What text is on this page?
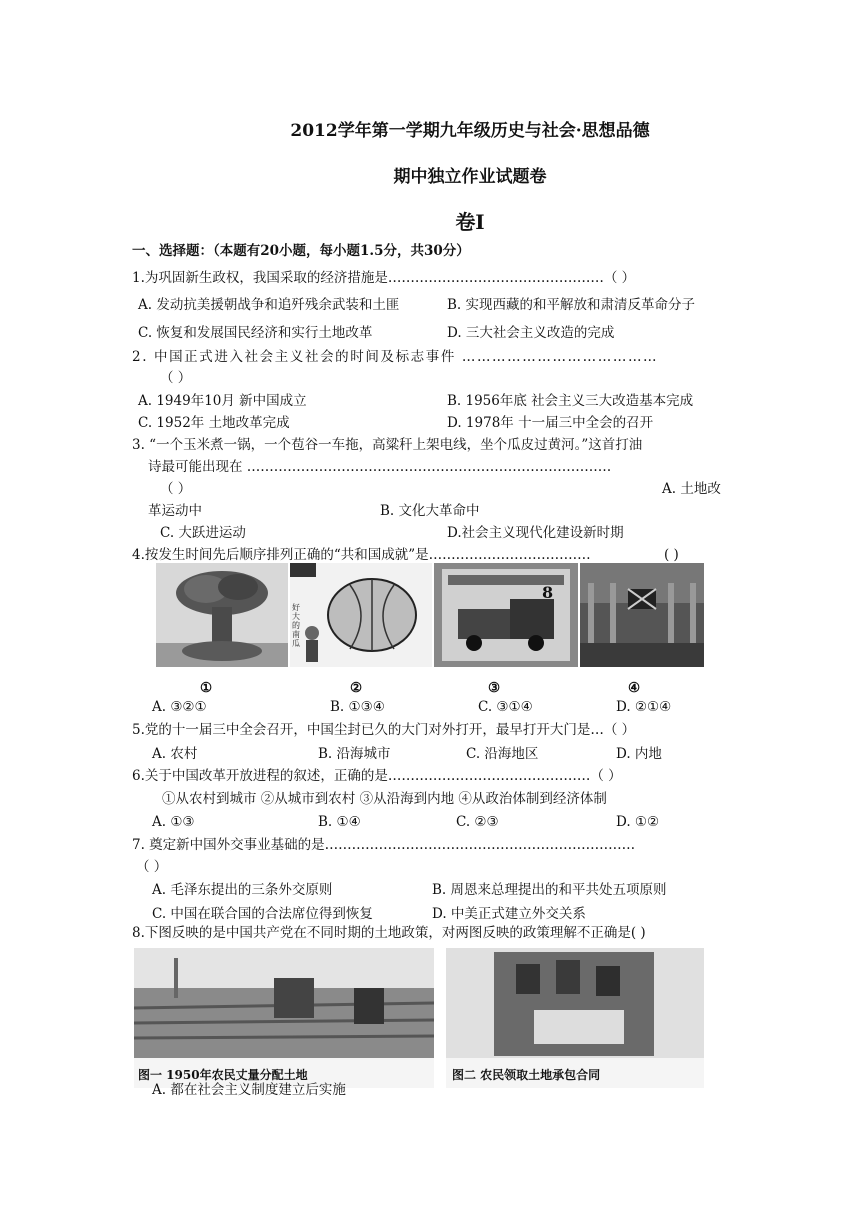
2012学年第一学期九年级历史与社会·思想品德
期中独立作业试题卷
卷Ⅰ
一、选择题：（本题有20小题，每小题1.5分，共30分）
1.为巩固新生政权，我国采取的经济措施是…………………………………………（ ）
A. 发动抗美援朝战争和追歼残余武装和土匪	B. 实现西藏的和平解放和肃清反革命分子
C. 恢复和发展国民经济和实行土地改革	D. 三大社会主义改造的完成
2. 中国正式进入社会主义社会的时间及标志事件 …………………………………
（ ）
A. 1949年10月 新中国成立	B. 1956年底 社会主义三大改造基本完成
C. 1952年 土地改革完成	D. 1978年 十一届三中全会的召开
3. “一个玉米煮一锅，一个苞谷一车拖，高粱秆上架电线，坐个瓜皮过黄河。”这首打油
诗最可能出现在 ………………………………………………………………………
（ ）	A. 土地改
革运动中	B. 文化大革命中
C. 大跃进运动	D.社会主义现代化建设新时期
4.按发生时间先后顺序排列正确的“共和国成就”是………………………………	( )
好大的南瓜
8
①	②	③	④
A. ③②①	B. ①③④	C. ③①④	D. ②①④
5.党的十一届三中全会召开，中国尘封已久的大门对外打开，最早打开大门是…（ ）
A. 农村	B. 沿海城市	C. 沿海地区	D. 内地
6.关于中国改革开放进程的叙述，正确的是………………………………………（ ）
①从农村到城市 ②从城市到农村 ③从沿海到内地 ④从政治体制到经济体制
A. ①③	B. ①④	C. ②③	D. ①②
7. 奠定新中国外交事业基础的是……………………………………………………………
（ ）
A. 毛泽东提出的三条外交原则	B. 周恩来总理提出的和平共处五项原则
C. 中国在联合国的合法席位得到恢复	D. 中美正式建立外交关系
8.下图反映的是中国共产党在不同时期的土地政策，对两图反映的政策理解不正确是( )
图一 1950年农民丈量分配土地	图二 农民领取土地承包合同
A. 都在社会主义制度建立后实施
